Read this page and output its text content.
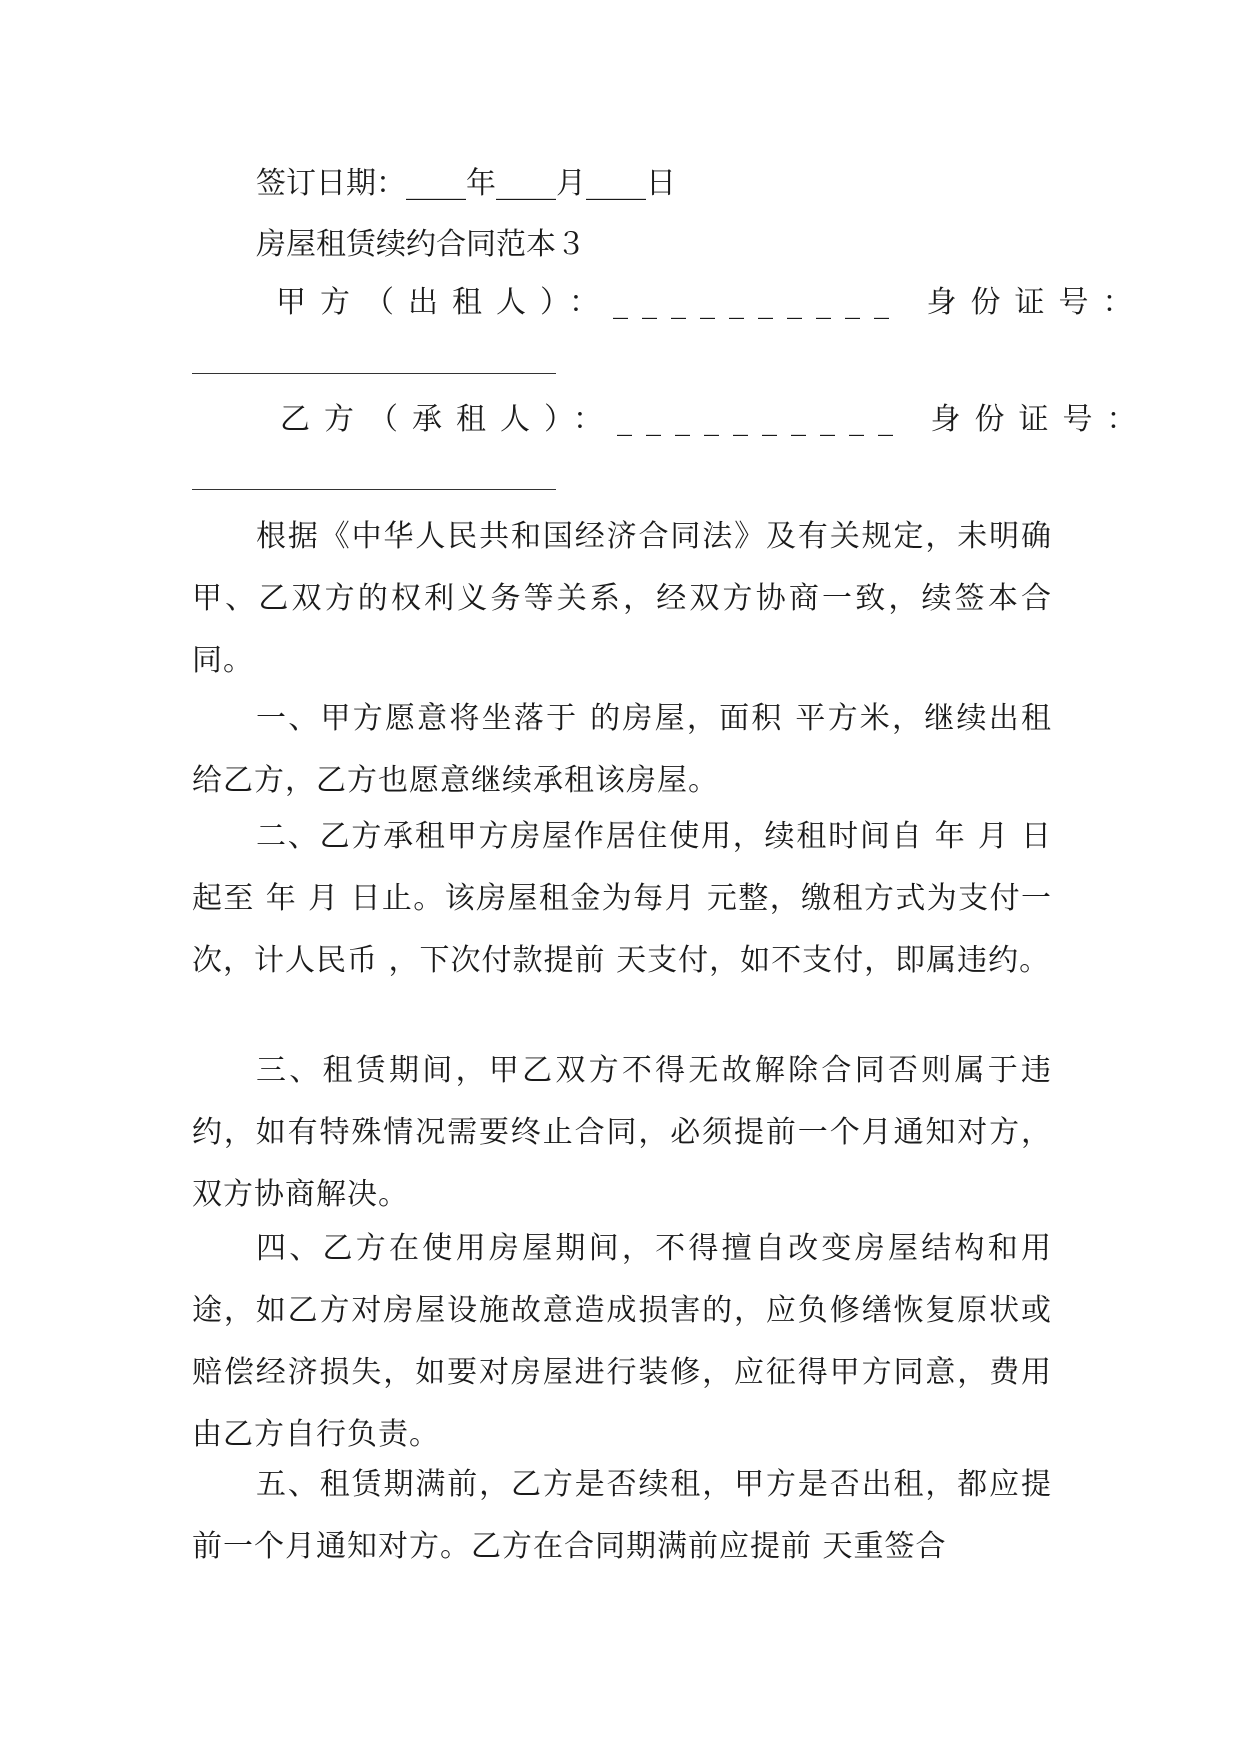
签订日期：____年____月____日

房屋租赁续约合同范本３

甲方（出租人）：__________ 身份证号：

乙方（承租人）：__________ 身份证号：

根据《中华人民共和国经济合同法》及有关规定，未明确甲、乙双方的权利义务等关系，经双方协商一致，续签本合同。

一、甲方愿意将坐落于 的房屋，面积 平方米，继续出租给乙方，乙方也愿意继续承租该房屋。

二、乙方承租甲方房屋作居住使用，续租时间自 年 月 日起至 年 月 日止。该房屋租金为每月 元整，缴租方式为支付一次，计人民币 ，下次付款提前 天支付，如不支付，即属违约。

三、租赁期间，甲乙双方不得无故解除合同否则属于违约，如有特殊情况需要终止合同，必须提前一个月通知对方，双方协商解决。

四、乙方在使用房屋期间，不得擅自改变房屋结构和用途，如乙方对房屋设施故意造成损害的，应负修缮恢复原状或赔偿经济损失，如要对房屋进行装修，应征得甲方同意，费用由乙方自行负责。

五、租赁期满前，乙方是否续租，甲方是否出租，都应提前一个月通知对方。乙方在合同期满前应提前 天重签合
